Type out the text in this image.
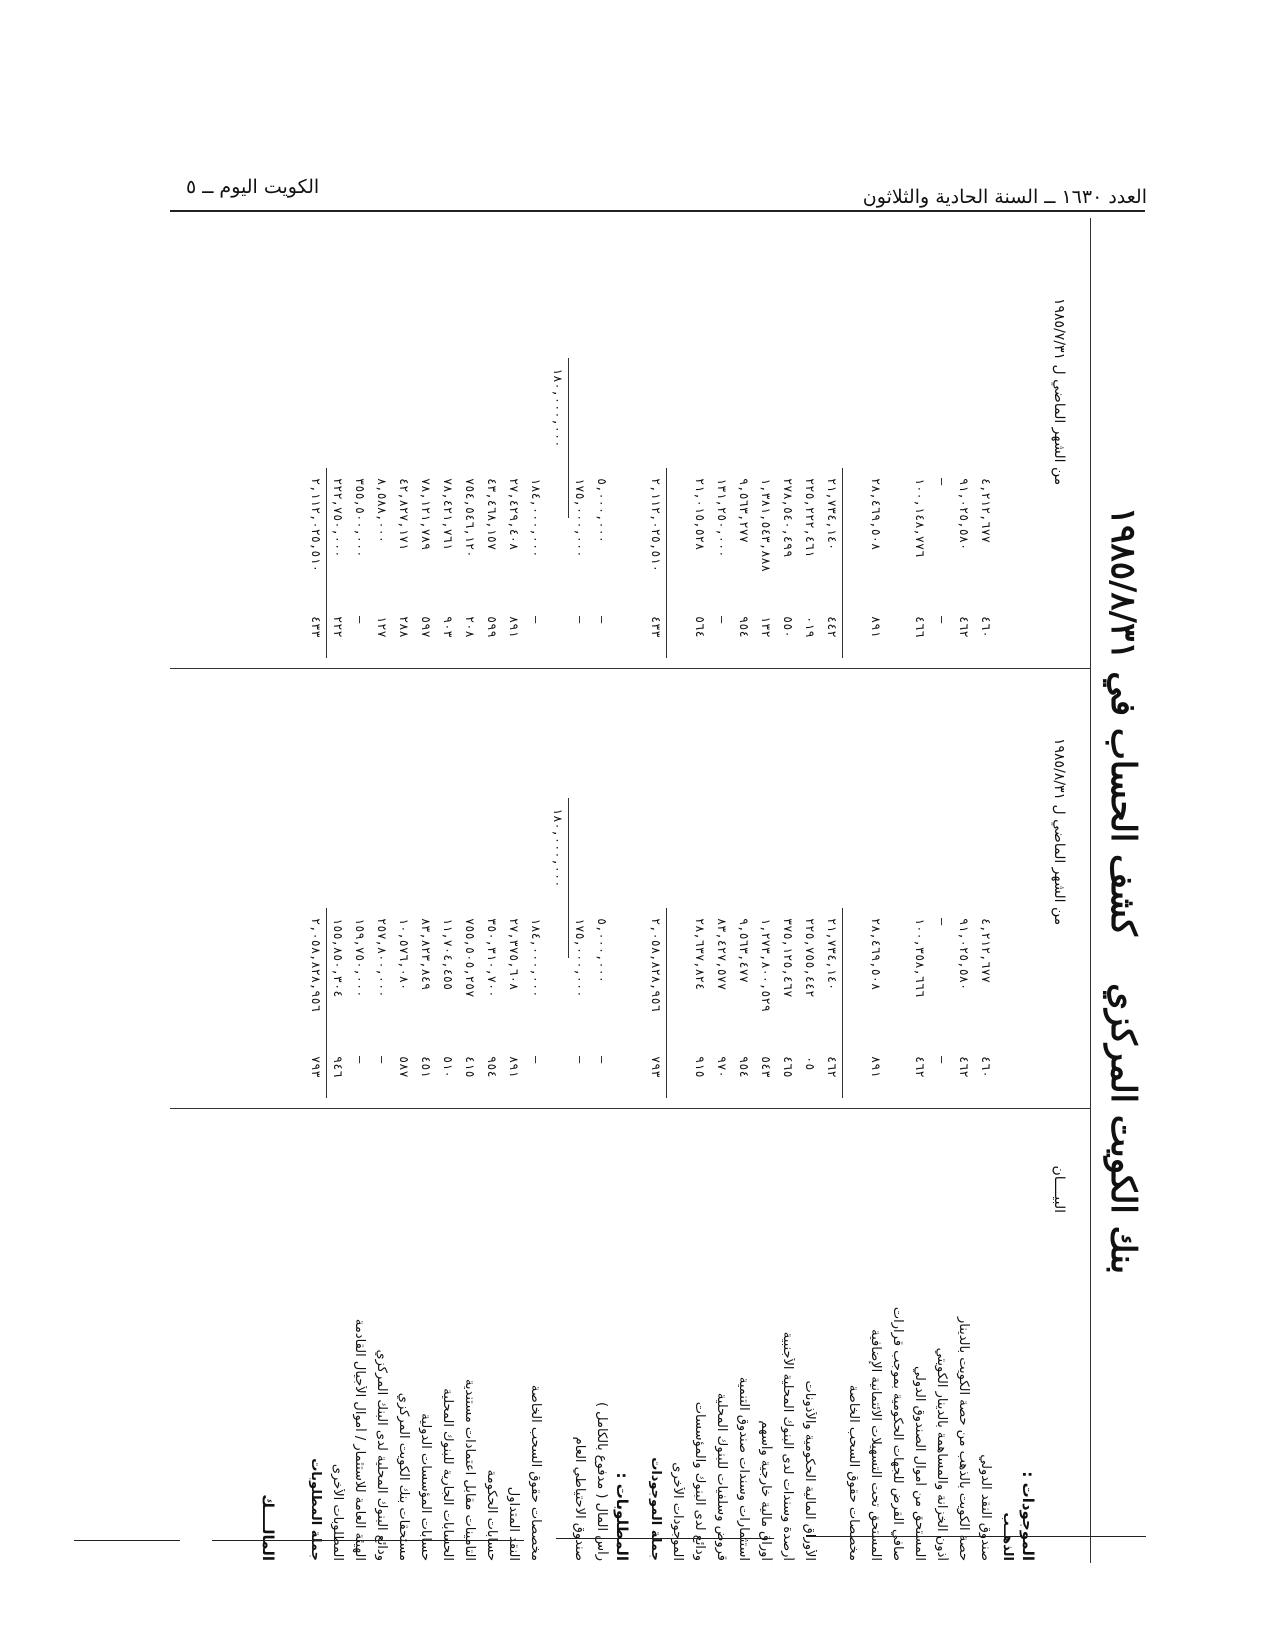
العدد ١٦٣٠ ــ السنة الحادية والثلاثون
الكويت اليوم ــ ٥
بنك الكويت المركزي    كشف الحساب في ١٩٨٥/٨/٣١
البيــــان
من الشهر الماضي ل ١٩٨٥/٨/٣١
من الشهر الماضي ل ١٩٨٥/٧/٣١
الموجودات :
الذهــب
صندوق النقد الدولي
٤٦٠
٤,٢١٢,٦٧٧
٤٦٠
٤,٢١٢,٦٧٧
حصة الكويت بالذهب من حصة الكويت بالدينار
٤٦٢
٩١,٠٢٥,٥٨٠
٤٦٢
٩١,٠٢٥,٥٨٠
أذون الخزانة والمساهمة بالدينار الكويتي
–
–
–
–
المستحق من أموال الصندوق الدولي
٤٦٢
١٠٠,٣٥٨,٦٦٦
٤٦٦
١٠٠,١٤٨,٧٧٦
صافي القرض للجهات الحكومية بموجب قرارات
المستحق تحت التسهيلات الائتمانية الإضافية
٨٩١
٢٨,٤٦٩,٥٠٨
٨٩١
٢٨,٤٦٩,٥٠٨
مخصصات حقوق السحب الخاصة
٤٦٢
٢١,٧٣٤,١٤٠
٤٤٢
٢١,٧٣٤,١٤٠
الأوراق المالية الحكومية والأذونات
٠٥
٢٢٥,٧٥٥,٤٤٢
٠١٩
٢٢٥,٢٢٢,٤٦١
أرصدة وسندات لدى البنوك المحلية الأجنبية
٤٦٥
٣٧٥,١٢٥,٤٦٧
٥٥٠
٢٧٨,٥٤٠,٤٩٩
أوراق مالية خارجية وأسهم
٥٤٣
١,٢٧٣,٨٠٠,٥٢٩
١٣٢
١,٣٨١,٥٤٣,٨٨٨
استثمارات وسندات صندوق التنمية
٩٥٤
٩,٥٦٣,٤٧٧
٩٥٤
٩,٥٦٣,٢٧٧
قروض وسلفيات للبنوك المحلية
٩٧٠
٨٣,٤٢٧,٥٧٧
–
١٣١,٢٥٠,٠٠٠
ودائع لدى البنوك والمؤسسات
٩١٥
٢٨,٦٣٧,٨٢٤
٥٦٤
٢١,٠١٥,٥٢٨
الموجودات الأخرى
جملة الموجودات
٧٩٣
٢,٠٥٨,٨٢٨,٩٥٦
٤٣٣
٢,١١٢,٠٢٥,٥١٠
المطلوبات :
رأس المال ( مدفوع بالكامل )
–
٥,٠٠٠,٠٠٠
–
٥,٠٠٠,٠٠٠
صندوق الاحتياطي العام
–
١٧٥,٠٠٠,٠٠٠
–
١٧٥,٠٠٠,٠٠٠
١٨٠,٠٠٠,٠٠٠
١٨٠,٠٠٠,٠٠٠
مخصصات حقوق السحب الخاصة
–
١٨٤,٠٠٠,٠٠٠
–
١٨٤,٠٠٠,٠٠٠
النقد المتداول
٨٩١
٢٧,٣٧٥,٦٠٨
٨٩١
٢٧,٤٢٩,٤٠٨
حسابات الحكومة
٩٥٤
٣٥٠,٣١٠,٧٠٠
٥٩٩
٤٣,٤٦٨,١٥٧
التأمينات مقابل اعتمادات مستندية
٤١٥
٧٥٥,٥٠٥,٢٥٧
٢٠٨
٧٥٤,٥٤٦,١٢٠
الحسابات الجارية للبنوك المحلية
٥١٠
١١,٧٠٤,٤٥٥
٩٠٣
٧٨,٤٢١,٧٦١
حسابات المؤسسات الدولية
٤٥١
٨٣,٨٢٣,٨٤٩
٥٩٧
٧٨,١٢١,٧٨٩
مستحقات بنك الكويت المركزي
٥٨٧
١٠,٥٧٦,٠٨٠
٢٨٨
٤٢,٨٢٧,١٧١
ودائع البنوك المحلية لدى البنك المركزي
–
٢٥٧,٨٠٠,٠٠٠
١٢٧
٨,٥٨٨,٠٠٠
الهيئة العامة للاستثمار / أموال الأجيال القادمة
–
١٥٩,٧٥٠,٠٠٠
–
٣٥٥,٥٠٠,٠٠٠
المطلوبات الأخرى
٩٤٦
١٥٥,٨٥٠,٣٠٤
٢٢٢
٢٢٢,٧٥٠,٠٠٠
جملة المطلوبات
٧٩٣
٢,٠٥٨,٨٢٨,٩٥٦
٤٣٣
٢,١١٢,٠٢٥,٥١٠
المالــــك
